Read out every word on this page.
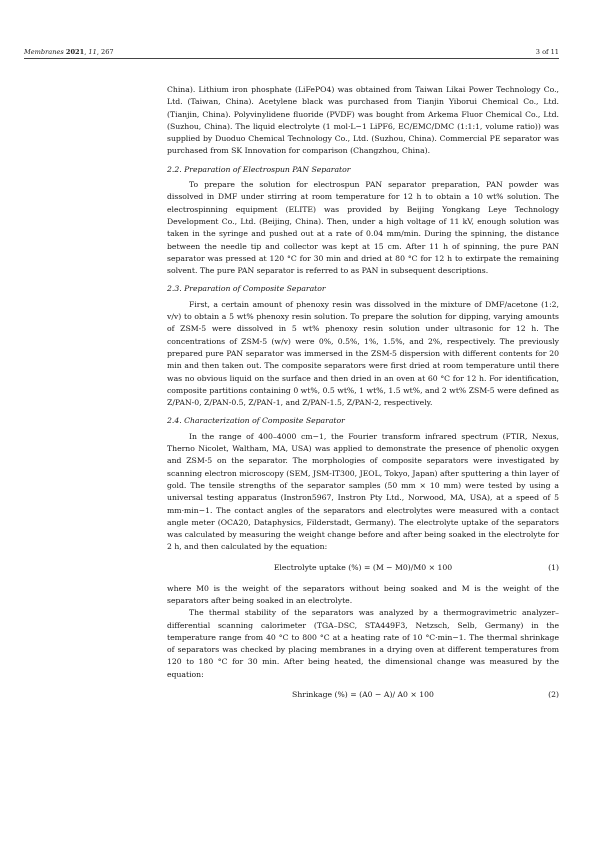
Membranes 2021, 11, 267	3 of 11

China). Lithium iron phosphate (LiFePO4) was obtained from Taiwan Likai Power Technology Co., Ltd. (Taiwan, China). Acetylene black was purchased from Tianjin Yiborui Chemical Co., Ltd. (Tianjin, China). Polyvinylidene fluoride (PVDF) was bought from Arkema Fluor Chemical Co., Ltd. (Suzhou, China). The liquid electrolyte (1 mol·L−1 LiPF6, EC/EMC/DMC (1:1:1, volume ratio)) was supplied by Duoduo Chemical Technology Co., Ltd. (Suzhou, China). Commercial PE separator was purchased from SK Innovation for comparison (Changzhou, China).

2.2. Preparation of Electrospun PAN Separator

To prepare the solution for electrospun PAN separator preparation, PAN powder was dissolved in DMF under stirring at room temperature for 12 h to obtain a 10 wt% solution. The electrospinning equipment (ELITE) was provided by Beijing Yongkang Leye Technology Development Co., Ltd. (Beijing, China). Then, under a high voltage of 11 kV, enough solution was taken in the syringe and pushed out at a rate of 0.04 mm/min. During the spinning, the distance between the needle tip and collector was kept at 15 cm. After 11 h of spinning, the pure PAN separator was pressed at 120 °C for 30 min and dried at 80 °C for 12 h to extirpate the remaining solvent. The pure PAN separator is referred to as PAN in subsequent descriptions.

2.3. Preparation of Composite Separator

First, a certain amount of phenoxy resin was dissolved in the mixture of DMF/acetone (1:2, v/v) to obtain a 5 wt% phenoxy resin solution. To prepare the solution for dipping, varying amounts of ZSM-5 were dissolved in 5 wt% phenoxy resin solution under ultrasonic for 12 h. The concentrations of ZSM-5 (w/v) were 0%, 0.5%, 1%, 1.5%, and 2%, respectively. The previously prepared pure PAN separator was immersed in the ZSM-5 dispersion with different contents for 20 min and then taken out. The composite separators were first dried at room temperature until there was no obvious liquid on the surface and then dried in an oven at 60 °C for 12 h. For identification, composite partitions containing 0 wt%, 0.5 wt%, 1 wt%, 1.5 wt%, and 2 wt% ZSM-5 were defined as Z/PAN-0, Z/PAN-0.5, Z/PAN-1, and Z/PAN-1.5, Z/PAN-2, respectively.

2.4. Characterization of Composite Separator

In the range of 400–4000 cm−1, the Fourier transform infrared spectrum (FTIR, Nexus, Therno Nicolet, Waltham, MA, USA) was applied to demonstrate the presence of phenolic oxygen and ZSM-5 on the separator. The morphologies of composite separators were investigated by scanning electron microscopy (SEM, JSM-IT300, JEOL, Tokyo, Japan) after sputtering a thin layer of gold. The tensile strengths of the separator samples (50 mm × 10 mm) were tested by using a universal testing apparatus (Instron5967, Instron Pty Ltd., Norwood, MA, USA), at a speed of 5 mm·min−1. The contact angles of the separators and electrolytes were measured with a contact angle meter (OCA20, Dataphysics, Filderstadt, Germany). The electrolyte uptake of the separators was calculated by measuring the weight change before and after being soaked in the electrolyte for 2 h, and then calculated by the equation:

Electrolyte uptake (%) = (M − M0)/M0 × 100	(1)

where M0 is the weight of the separators without being soaked and M is the weight of the separators after being soaked in an electrolyte.

The thermal stability of the separators was analyzed by a thermogravimetric analyzer–differential scanning calorimeter (TGA–DSC, STA449F3, Netzsch, Selb, Germany) in the temperature range from 40 °C to 800 °C at a heating rate of 10 °C·min−1. The thermal shrinkage of separators was checked by placing membranes in a drying oven at different temperatures from 120 to 180 °C for 30 min. After being heated, the dimensional change was measured by the equation:

Shrinkage (%) = (A0 − A)/ A0 × 100	(2)
